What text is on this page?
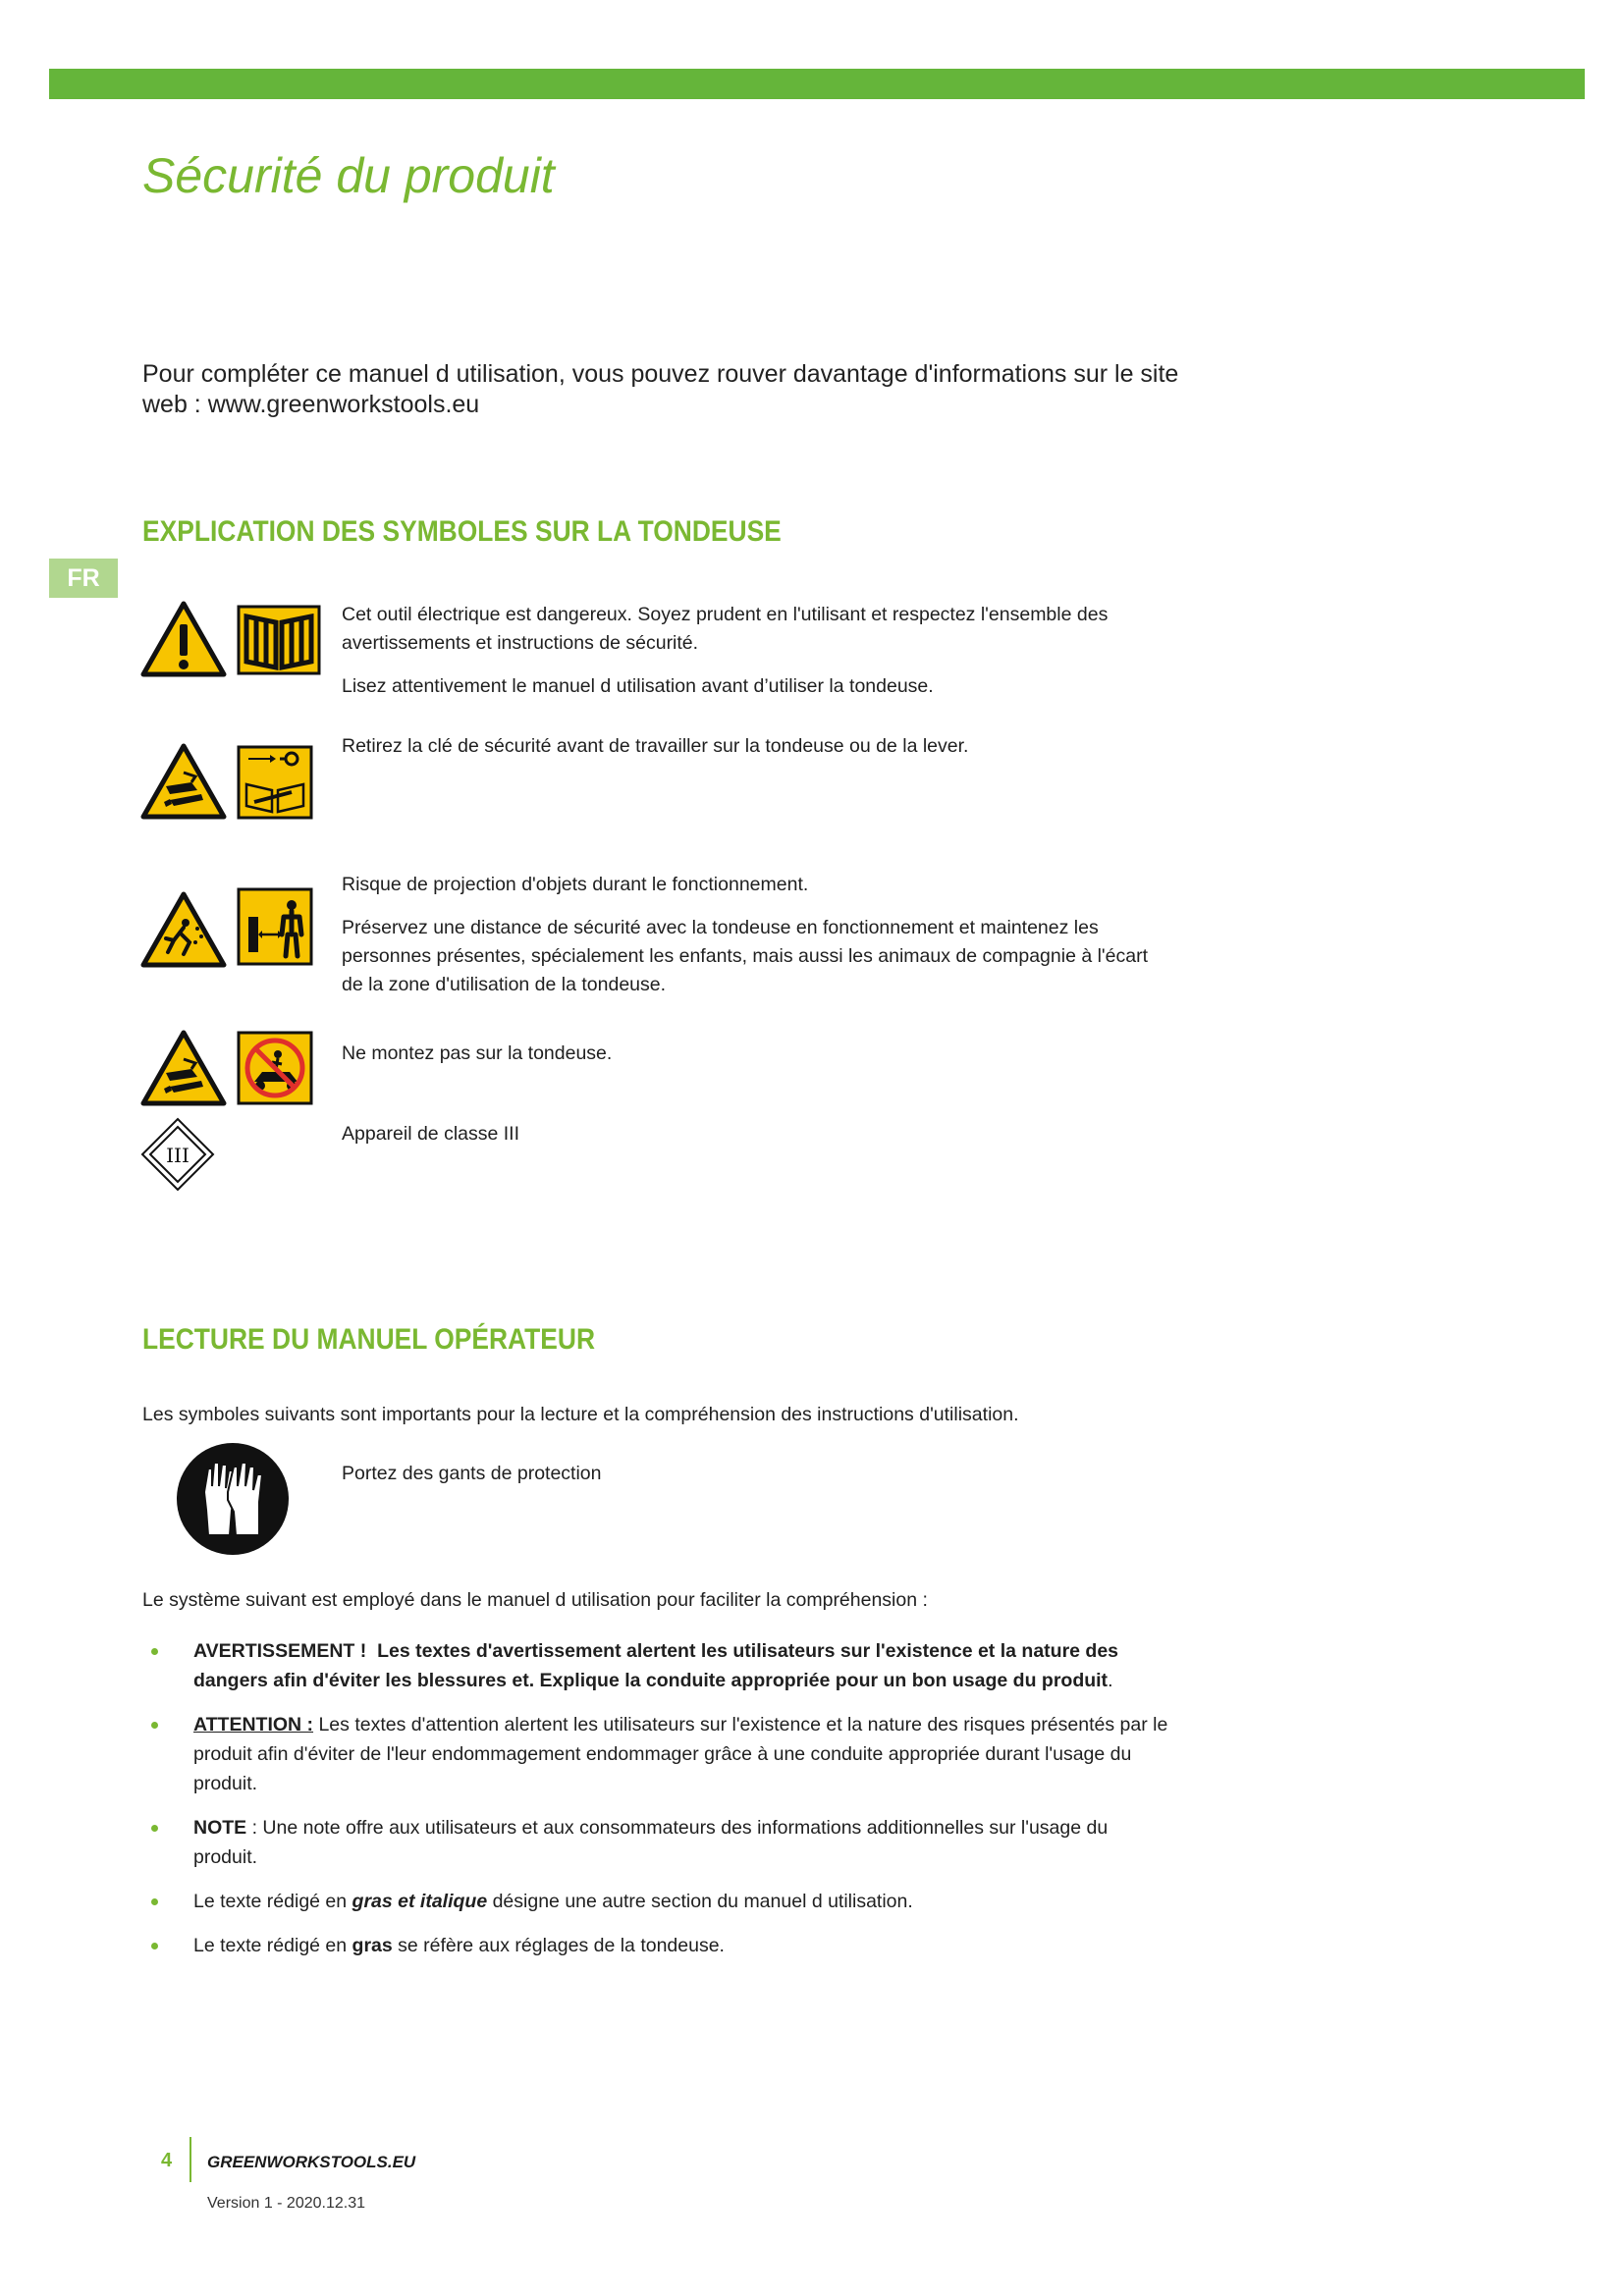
Sécurité du produit
Pour compléter ce manuel d utilisation, vous pouvez rouver davantage d'informations sur le site web : www.greenworkstools.eu
EXPLICATION DES SYMBOLES SUR LA TONDEUSE
FR

Cet outil électrique est dangereux. Soyez prudent en l'utilisant et respectez l'ensemble des avertissements et instructions de sécurité.

Lisez attentivement le manuel d utilisation avant d’utiliser la tondeuse.

Retirez la clé de sécurité avant de travailler sur la tondeuse ou de la lever.

Risque de projection d'objets durant le fonctionnement.

Préservez une distance de sécurité avec la tondeuse en fonctionnement et maintenez les personnes présentes, spécialement les enfants, mais aussi les animaux de compagnie à l'écart de la zone d'utilisation de la tondeuse.

Ne montez pas sur la tondeuse.

III

Appareil de classe III

LECTURE DU MANUEL OPÉRATEUR

Les symboles suivants sont importants pour la lecture et la compréhension des instructions d'utilisation.

Portez des gants de protection

Le système suivant est employé dans le manuel d utilisation pour faciliter la compréhension :

AVERTISSEMENT ! Les textes d'avertissement alertent les utilisateurs sur l'existence et la nature des dangers afin d'éviter les blessures et. Explique la conduite appropriée pour un bon usage du produit.
ATTENTION : Les textes d'attention alertent les utilisateurs sur l'existence et la nature des risques présentés par le produit afin d'éviter de l'leur endommagement endommager grâce à une conduite appropriée durant l'usage du produit.
NOTE : Une note offre aux utilisateurs et aux consommateurs des informations additionnelles sur l'usage du produit.
Le texte rédigé en gras et italique désigne une autre section du manuel d utilisation.
Le texte rédigé en gras se réfère aux réglages de la tondeuse.
4 GREENWORKSTOOLS.EU
Version 1 - 2020.12.31
